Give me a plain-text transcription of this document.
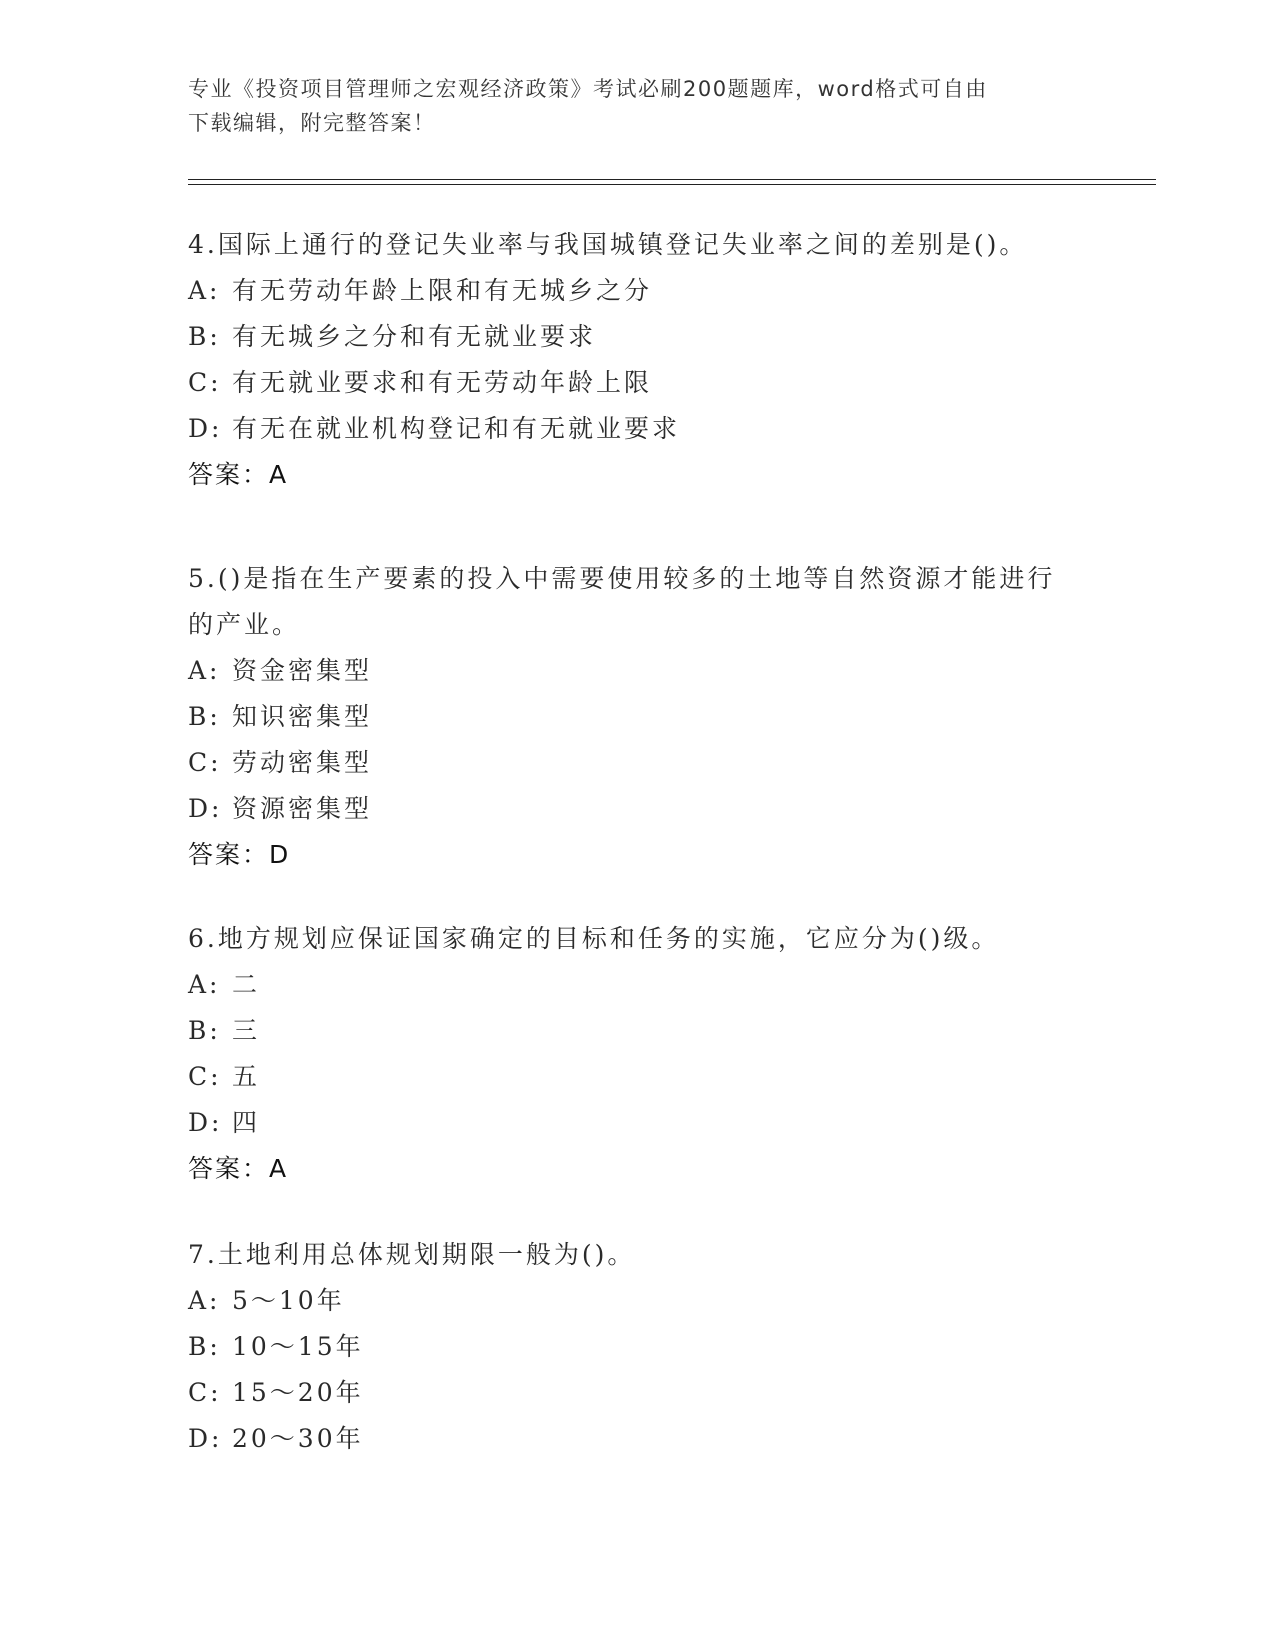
专业《投资项目管理师之宏观经济政策》考试必刷200题题库，word格式可自由
下载编辑，附完整答案！
4.国际上通行的登记失业率与我国城镇登记失业率之间的差别是()。
A: 有无劳动年龄上限和有无城乡之分
B: 有无城乡之分和有无就业要求
C: 有无就业要求和有无劳动年龄上限
D: 有无在就业机构登记和有无就业要求
答案：A
5.()是指在生产要素的投入中需要使用较多的土地等自然资源才能进行的产业。
A: 资金密集型
B: 知识密集型
C: 劳动密集型
D: 资源密集型
答案：D
6.地方规划应保证国家确定的目标和任务的实施，它应分为()级。
A: 二
B: 三
C: 五
D: 四
答案：A
7.土地利用总体规划期限一般为()。
A: 5～10年
B: 10～15年
C: 15～20年
D: 20～30年
